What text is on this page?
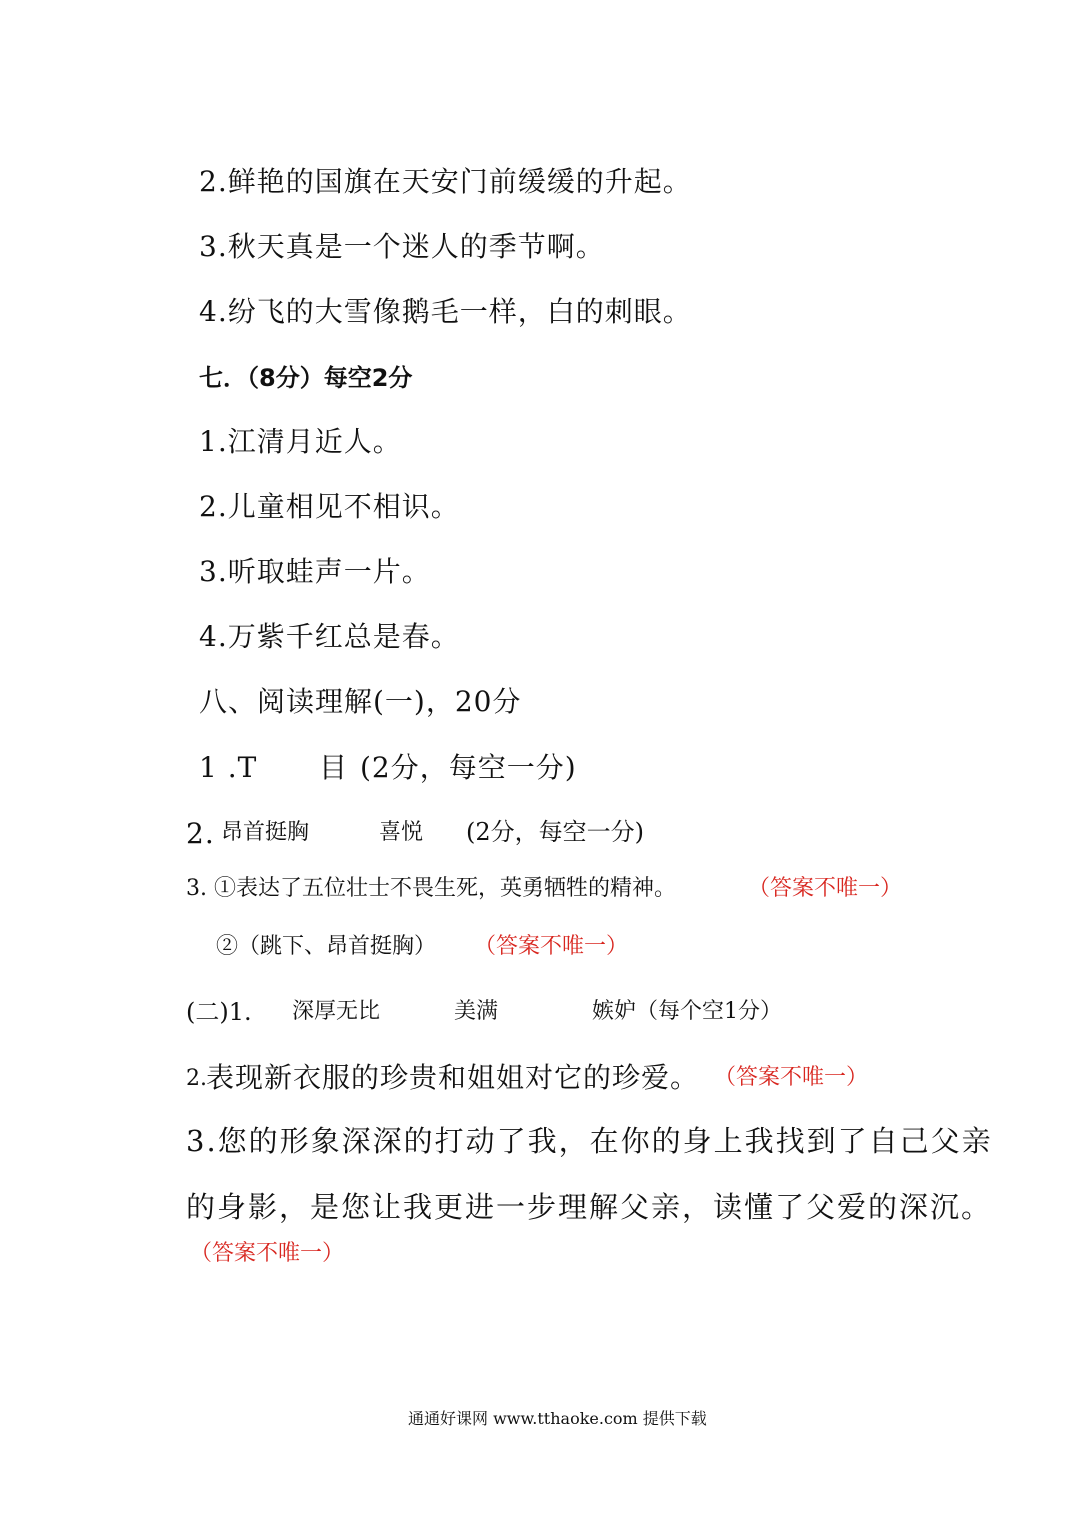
2.鲜艳的国旗在天安门前缓缓的升起。
3.秋天真是一个迷人的季节啊。
4.纷飞的大雪像鹅毛一样，白的刺眼。
七．（8分）每空2分
1.江清月近人。
2.儿童相见不相识。
3.听取蛙声一片。
4.万紫千红总是春。
八、阅读理解(一)，20分
1 .T 目 (2分，每空一分)
2. 昂首挺胸	喜悦 (2分，每空一分)
3. ①表达了五位壮士不畏生死，英勇牺牲的精神。	（答案不唯一）
②（跳下、昂首挺胸） （答案不唯一）
(二)1. 深厚无比	美满	嫉妒（每个空1分）
2. 表现新衣服的珍贵和姐姐对它的珍爱。 （答案不唯一）
3.您的形象深深的打动了我，在你的身上我找到了自己父亲
的身影，是您让我更进一步理解父亲，读懂了父爱的深沉。
（答案不唯一）
通通好课网 www.tthaoke.com 提供下载
